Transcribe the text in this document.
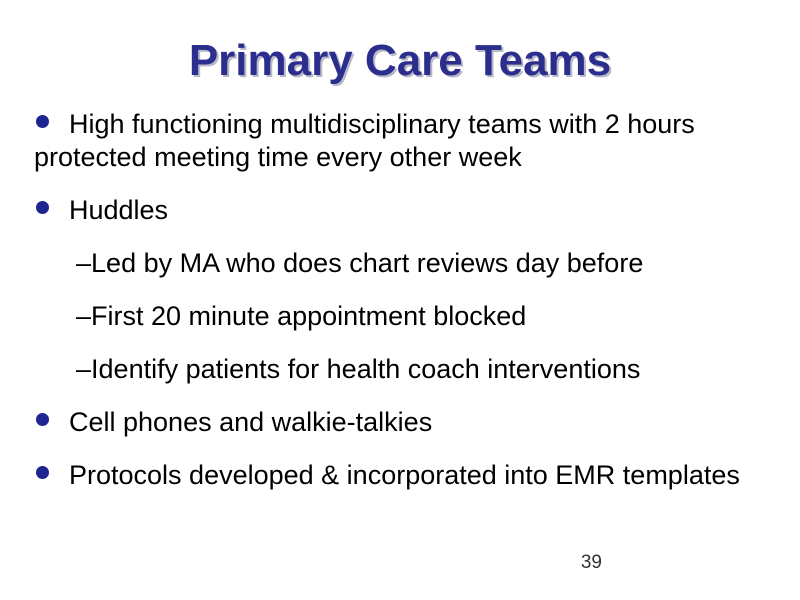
Primary Care Teams
High functioning multidisciplinary teams with 2 hours protected meeting time every other week
Huddles
–Led by MA who does chart reviews day before
–First 20 minute appointment blocked
–Identify patients for health coach interventions
Cell phones and walkie-talkies
Protocols developed & incorporated into EMR templates
39
